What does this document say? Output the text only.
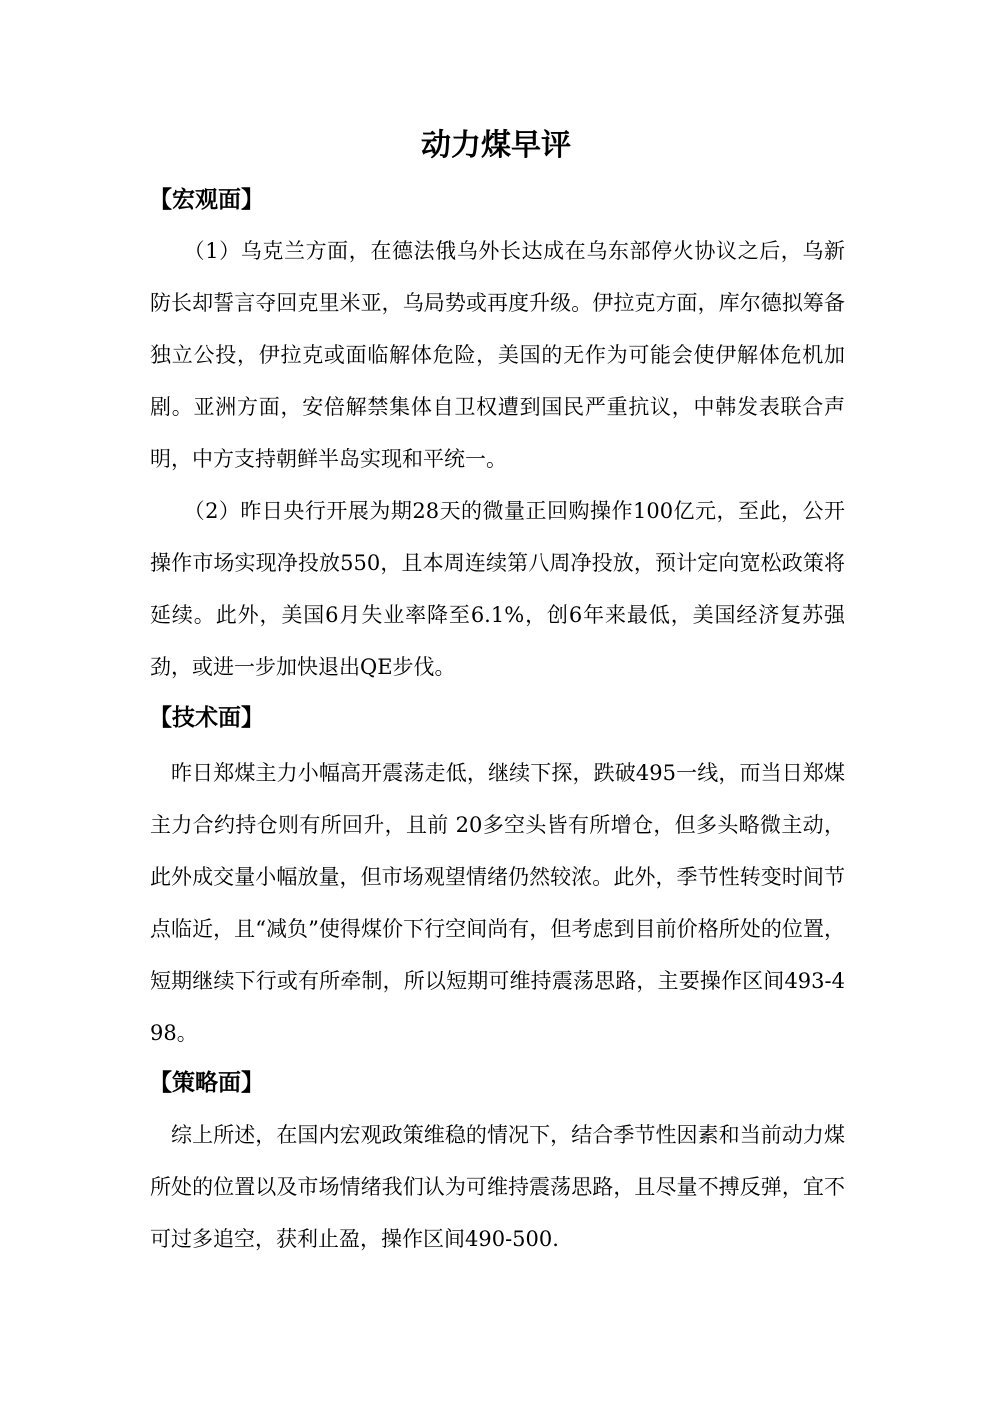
动力煤早评
【宏观面】

（1）乌克兰方面，在德法俄乌外长达成在乌东部停火协议之后，乌新防长却誓言夺回克里米亚，乌局势或再度升级。伊拉克方面，库尔德拟筹备独立公投，伊拉克或面临解体危险，美国的无作为可能会使伊解体危机加剧。亚洲方面，安倍解禁集体自卫权遭到国民严重抗议，中韩发表联合声明，中方支持朝鲜半岛实现和平统一。

（2）昨日央行开展为期28天的微量正回购操作100亿元，至此，公开操作市场实现净投放550，且本周连续第八周净投放，预计定向宽松政策将延续。此外，美国6月失业率降至6.1%，创6年来最低，美国经济复苏强劲，或进一步加快退出QE步伐。

【技术面】

昨日郑煤主力小幅高开震荡走低，继续下探，跌破495一线，而当日郑煤主力合约持仓则有所回升，且前 20多空头皆有所增仓，但多头略微主动，此外成交量小幅放量，但市场观望情绪仍然较浓。此外，季节性转变时间节点临近，且“减负”使得煤价下行空间尚有，但考虑到目前价格所处的位置，短期继续下行或有所牵制，所以短期可维持震荡思路，主要操作区间493-498。

【策略面】

综上所述，在国内宏观政策维稳的情况下，结合季节性因素和当前动力煤所处的位置以及市场情绪我们认为可维持震荡思路，且尽量不搏反弹，宜不可过多追空，获利止盈，操作区间490-500.
